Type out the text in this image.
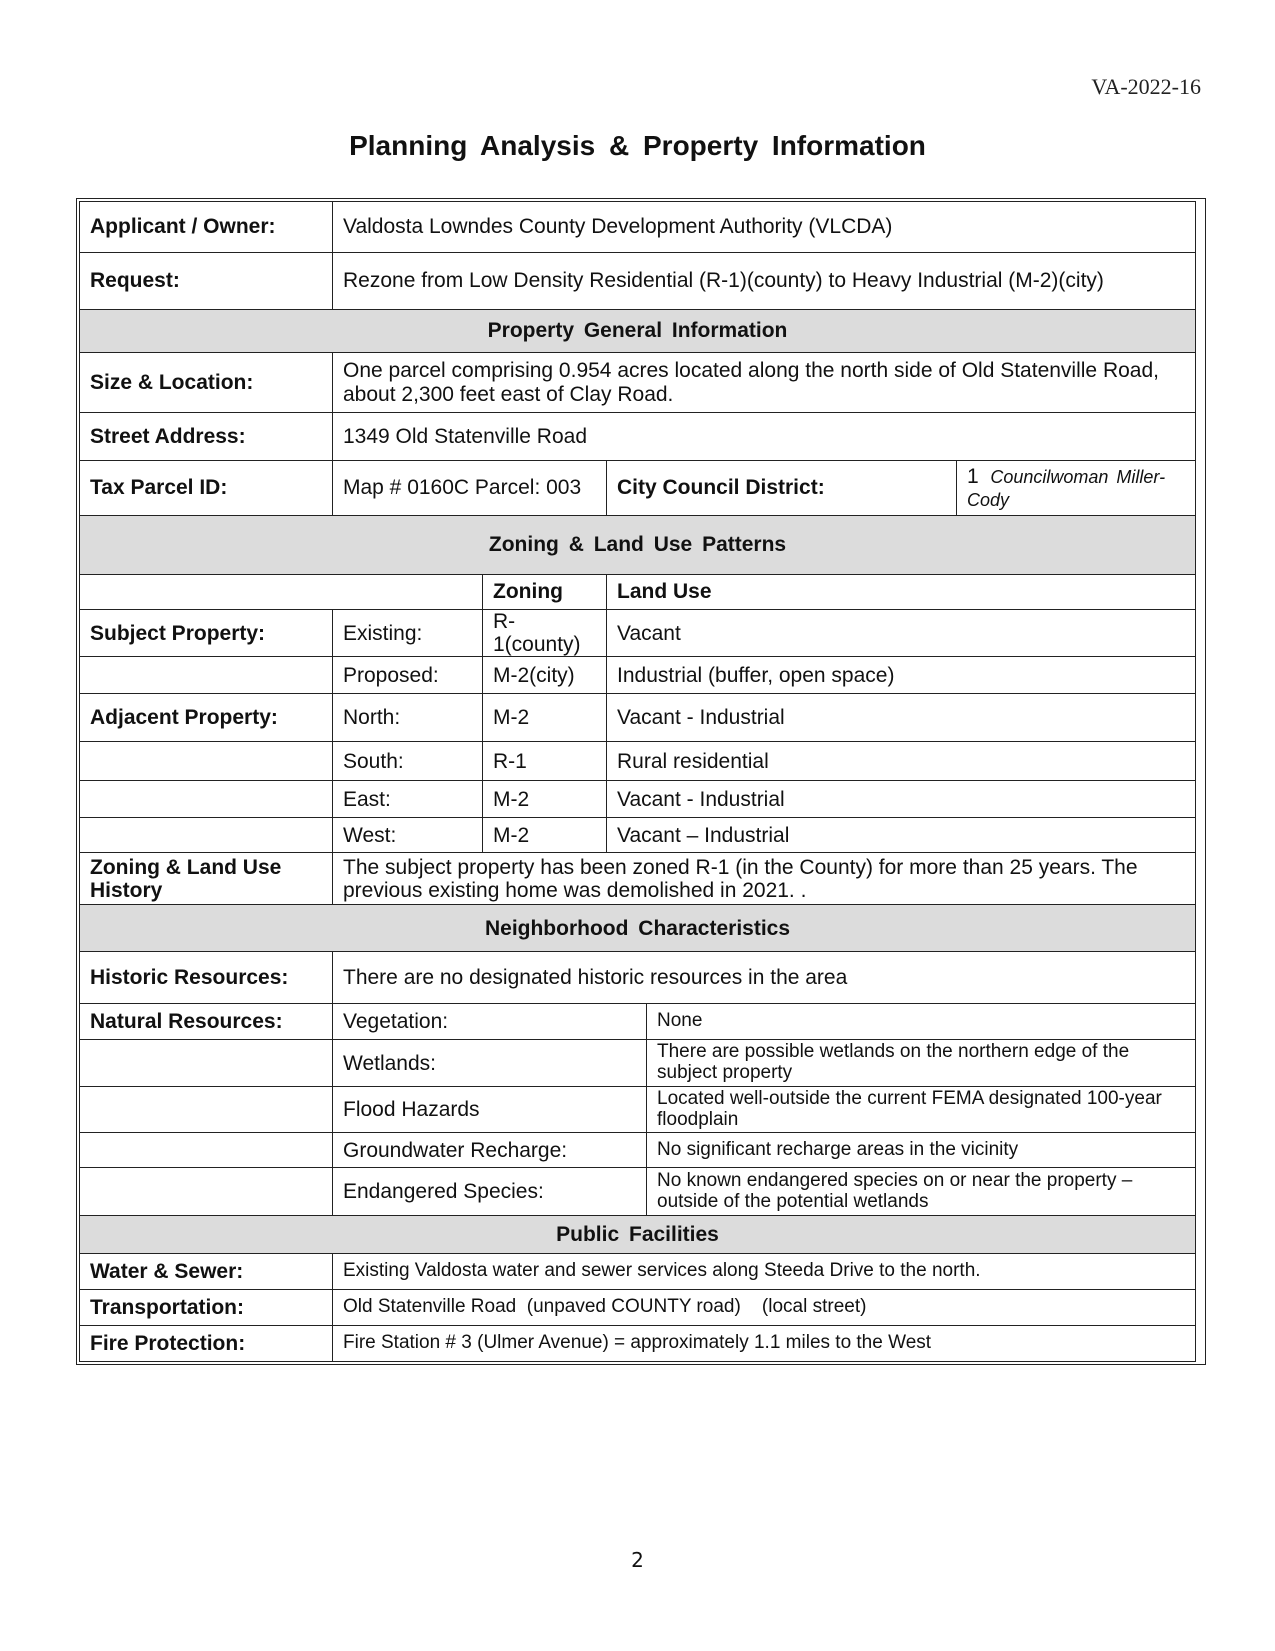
VA-2022-16
Planning Analysis & Property Information
Applicant / Owner:	Valdosta Lowndes County Development Authority (VLCDA)				
Request:	Rezone from Low Density Residential (R-1)(county) to Heavy Industrial (M-2)(city)				
Property General Information					
Size & Location:	One parcel comprising 0.954 acres located along the north side of Old Statenville Road, about 2,300 feet east of Clay Road.				
Street Address:	1349 Old Statenville Road				
Tax Parcel ID:	Map # 0160C Parcel: 003		City Council District:		1 Councilwoman Miller-Cody
Zoning & Land Use Patterns					
		Zoning	Land Use		
Subject Property:	Existing:	R-1(county)	Vacant		
	Proposed:	M-2(city)	Industrial (buffer, open space)		
Adjacent Property:	North:	M-2	Vacant - Industrial		
	South:	R-1	Rural residential		
	East:	M-2	Vacant - Industrial		
	West:	M-2	Vacant – Industrial		
Zoning & Land Use History	The subject property has been zoned R-1 (in the County) for more than 25 years. The previous existing home was demolished in 2021. .				
Neighborhood Characteristics					
Historic Resources:	There are no designated historic resources in the area				
Natural Resources:	Vegetation:			None	
	Wetlands:			There are possible wetlands on the northern edge of the subject property	
	Flood Hazards			Located well-outside the current FEMA designated 100-year floodplain	
	Groundwater Recharge:			No significant recharge areas in the vicinity	
	Endangered Species:			No known endangered species on or near the property – outside of the potential wetlands	
Public Facilities					
Water & Sewer:	Existing Valdosta water and sewer services along Steeda Drive to the north.				
Transportation:	Old Statenville Road  (unpaved COUNTY road)    (local street)				
Fire Protection:	Fire Station # 3 (Ulmer Avenue) = approximately 1.1 miles to the West				
2
